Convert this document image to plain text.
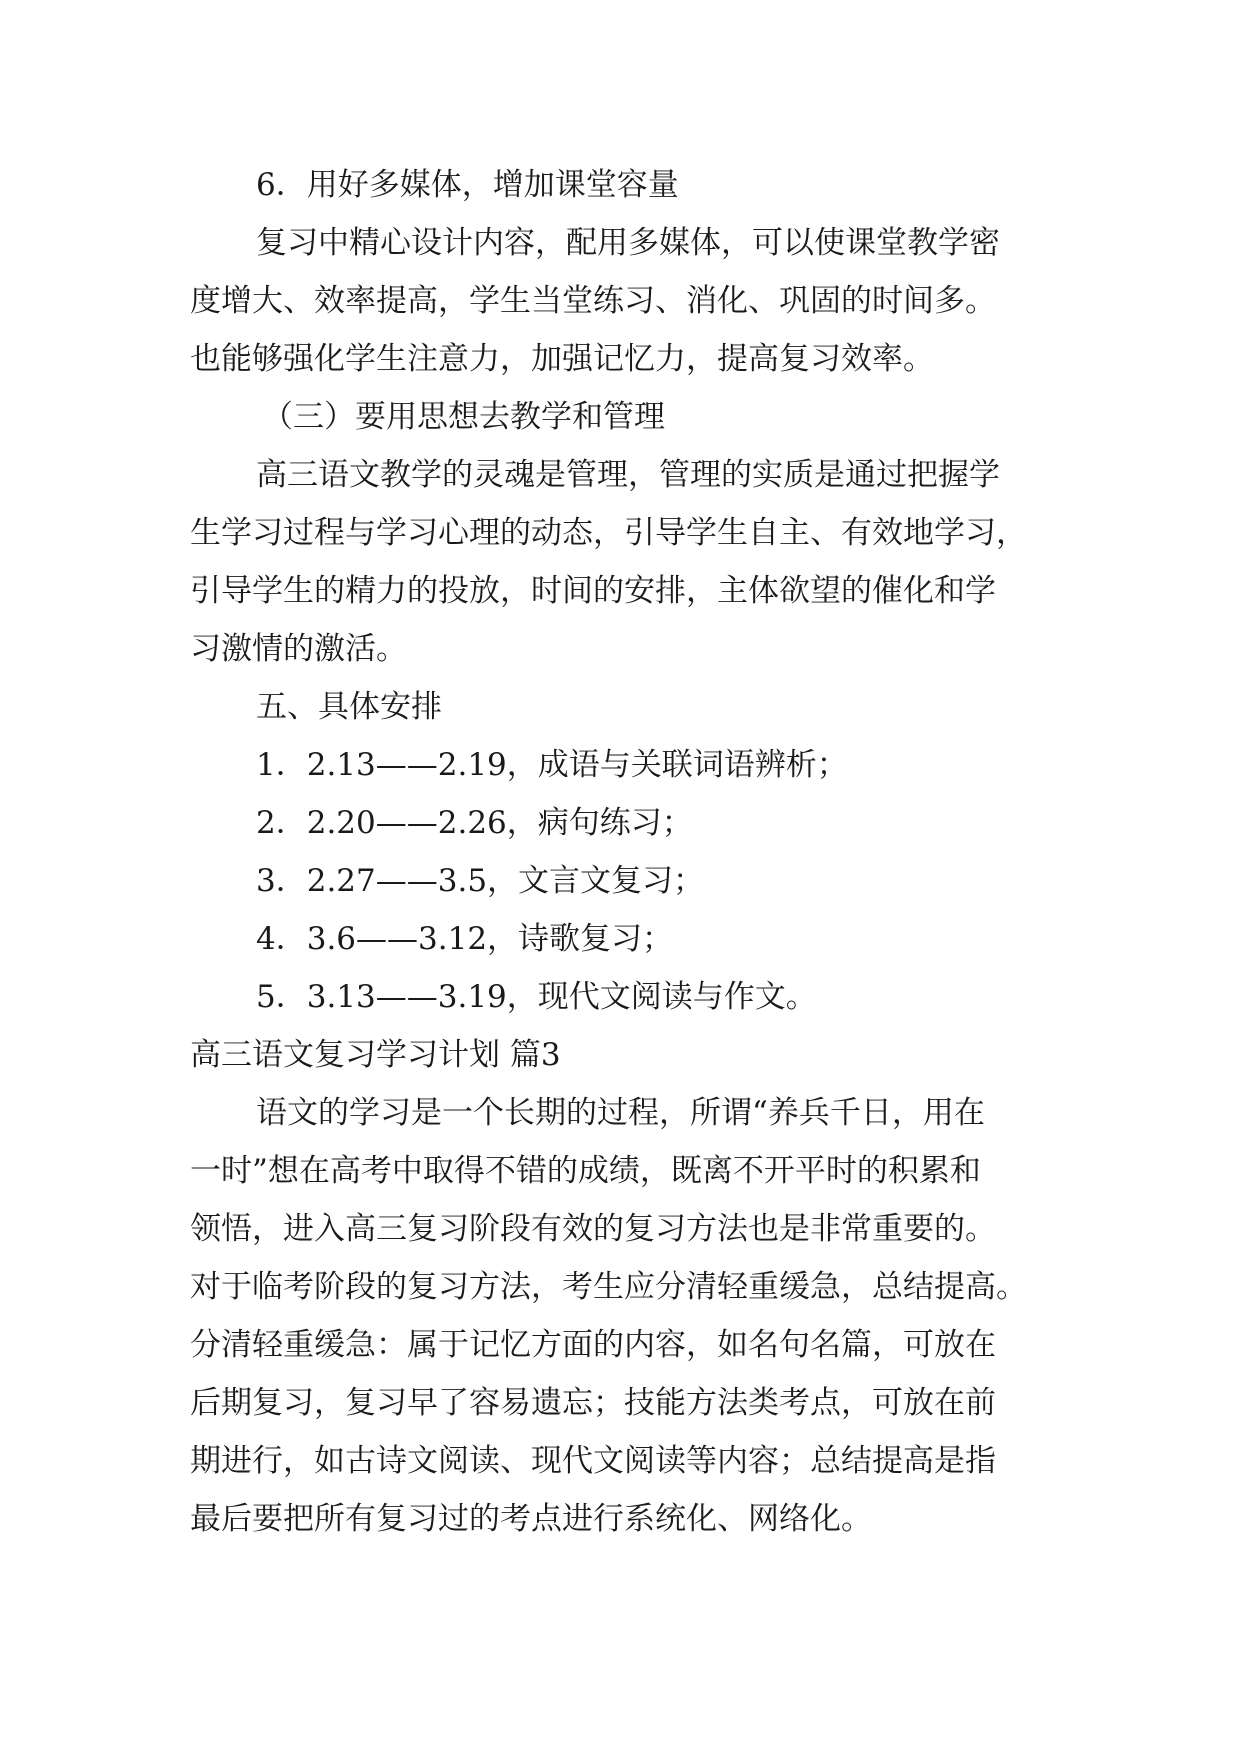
6．用好多媒体，增加课堂容量
复习中精心设计内容，配用多媒体，可以使课堂教学密
度增大、效率提高，学生当堂练习、消化、巩固的时间多。
也能够强化学生注意力，加强记忆力，提高复习效率。
（三）要用思想去教学和管理
高三语文教学的灵魂是管理，管理的实质是通过把握学
生学习过程与学习心理的动态，引导学生自主、有效地学习，
引导学生的精力的投放，时间的安排，主体欲望的催化和学
习激情的激活。
五、具体安排
1．2.13——2.19，成语与关联词语辨析；
2．2.20——2.26，病句练习；
3．2.27——3.5，文言文复习；
4．3.6——3.12，诗歌复习；
5．3.13——3.19，现代文阅读与作文。
高三语文复习学习计划 篇3
语文的学习是一个长期的过程，所谓“养兵千日，用在
一时”想在高考中取得不错的成绩，既离不开平时的积累和
领悟，进入高三复习阶段有效的复习方法也是非常重要的。
对于临考阶段的复习方法，考生应分清轻重缓急，总结提高。
分清轻重缓急：属于记忆方面的内容，如名句名篇，可放在
后期复习，复习早了容易遗忘；技能方法类考点，可放在前
期进行，如古诗文阅读、现代文阅读等内容；总结提高是指
最后要把所有复习过的考点进行系统化、网络化。
